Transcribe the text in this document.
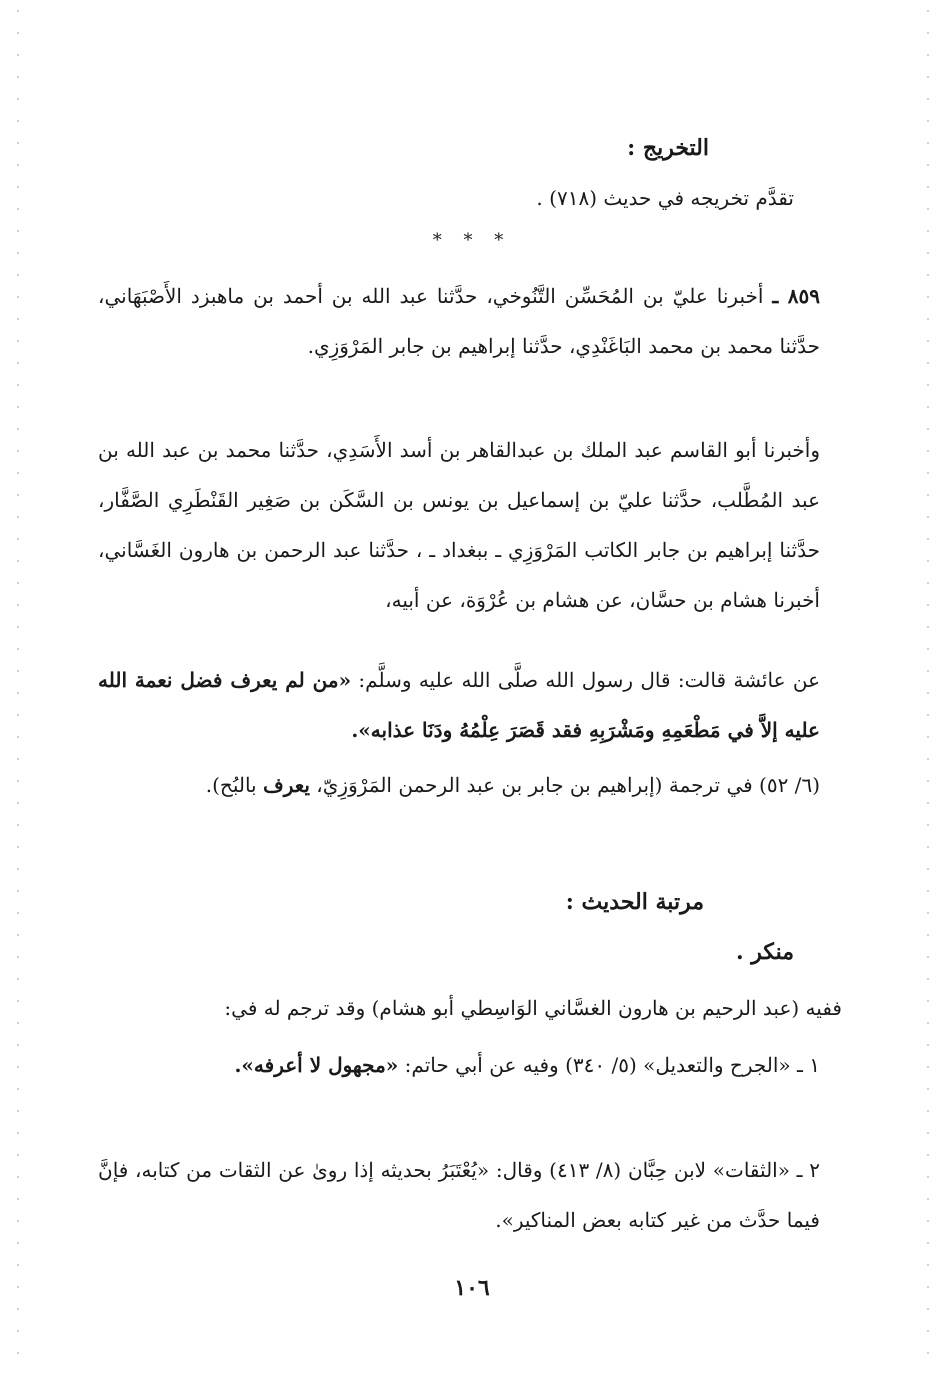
التخريج :
تقدَّم تخريجه في حديث (٧١٨) .
* * *
٨٥٩ ـ أخبرنا عليّ بن المُحَسِّن التَّنُوخي، حدَّثنا عبد الله بن أحمد بن ماهبزد الأَصْبَهَاني، حدَّثنا محمد بن محمد البَاغَنْدِي، حدَّثنا إبراهيم بن جابر المَرْوَزِي.
وأخبرنا أبو القاسم عبد الملك بن عبدالقاهر بن أسد الأَسَدِي، حدَّثنا محمد بن عبد الله بن عبد المُطَّلب، حدَّثنا عليّ بن إسماعيل بن يونس بن السَّكَن بن صَغِير القَنْطَرِي الصَّفَّار، حدَّثنا إبراهيم بن جابر الكاتب المَرْوَزِي ـ ببغداد ـ ، حدَّثنا عبد الرحمن بن هارون الغَسَّاني، أخبرنا هشام بن حسَّان، عن هشام بن عُرْوَة، عن أبيه،
عن عائشة قالت: قال رسول الله صلَّى الله عليه وسلَّم: «من لم يعرف فضل نعمة الله عليه إلاَّ في مَطْعَمِهِ ومَشْرَبِهِ فقد قَصَرَ عِلْمُهُ ودَنَا عذابه».
(٦/ ٥٢) في ترجمة (إبراهيم بن جابر بن عبد الرحمن المَرْوَزِيّ، يعرف بالبُح).
مرتبة الحديث :
منكر .
ففيه (عبد الرحيم بن هارون الغسَّاني الوَاسِطي أبو هشام) وقد ترجم له في:
١ ـ «الجرح والتعديل» (٥/ ٣٤٠) وفيه عن أبي حاتم: «مجهول لا أعرفه».
٢ ـ «الثقات» لابن حِبَّان (٨/ ٤١٣) وقال: «يُعْتَبَرُ بحديثه إذا روىٰ عن الثقات من كتابه، فإنَّ فيما حدَّث من غير كتابه بعض المناكير».
١٠٦
